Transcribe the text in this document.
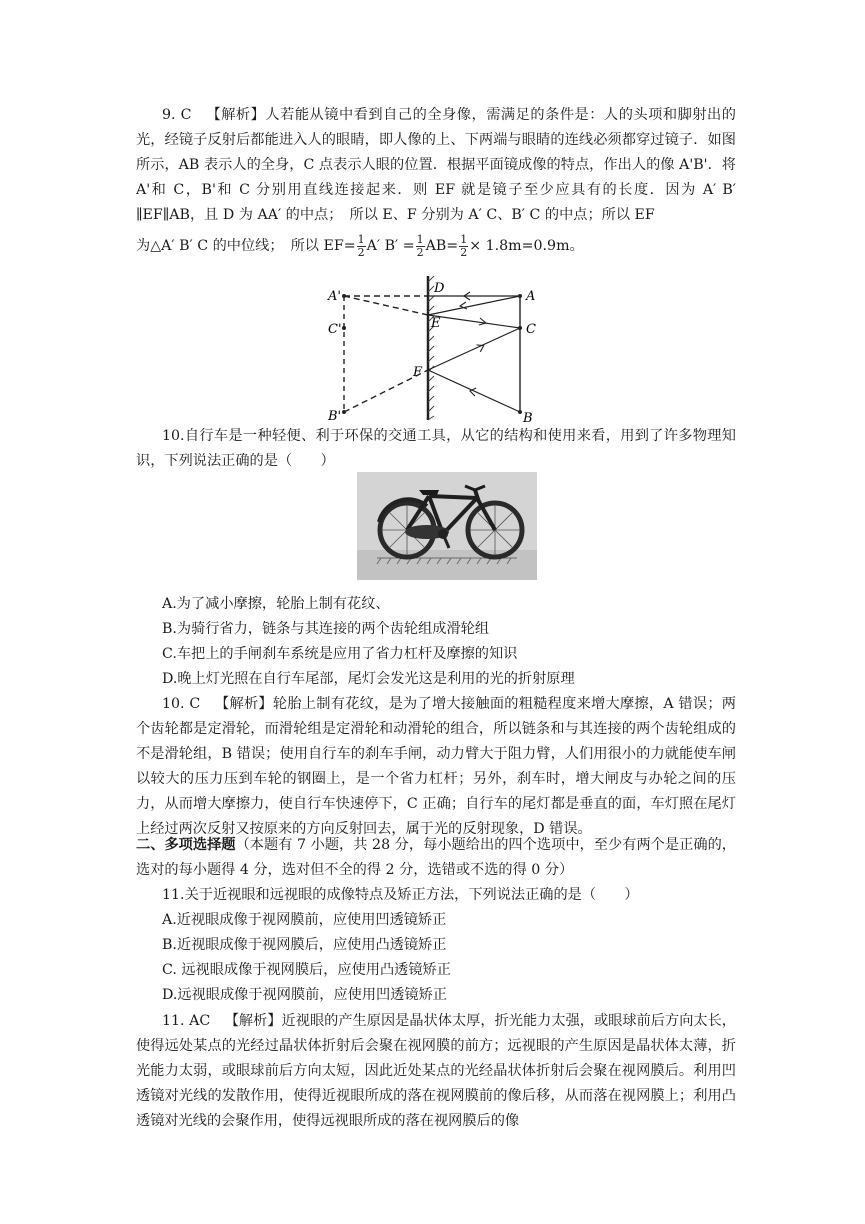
9. C 【解析】人若能从镜中看到自己的全身像，需满足的条件是：人的头项和脚射出的光，经镜子反射后都能进入人的眼睛，即人像的上、下两端与眼睛的连线必须都穿过镜子．如图所示，AB 表示人的全身，C 点表示人眼的位置．根据平面镜成像的特点，作出人的像 A'B'．将 A'和 C，B'和 C 分别用直线连接起来．则 EF 就是镜子至少应具有的长度．因为 A′ B′ ∥EF∥AB，且 D 为 AA′ 的中点；　所以 E、F 分别为 A′ C、B′ C 的中点；所以 EF
为△A′ B′ C 的中位线；　所以 $EF= \frac{1}{2} A'$ $B' = \frac{1}{2} AB= \frac{1}{2} \times 1.8m=0.9m$。
A'
C'
B'
D
E
F
A
C
B
10.自行车是一种轻便、利于环保的交通工具，从它的结构和使用来看，用到了许多物理知识，下列说法正确的是（　　）
A.为了减小摩擦，轮胎上制有花纹、
B.为骑行省力，链条与其连接的两个齿轮组成滑轮组
C.车把上的手闸刹车系统是应用了省力杠杆及摩擦的知识
D.晚上灯光照在自行车尾部，尾灯会发光这是利用的光的折射原理
10. C 【解析】轮胎上制有花纹，是为了增大接触面的粗糙程度来增大摩擦，A 错误；两个齿轮都是定滑轮，而滑轮组是定滑轮和动滑轮的组合，所以链条和与其连接的两个齿轮组成的不是滑轮组，B 错误；使用自行车的刹车手闸，动力臂大于阻力臂，人们用很小的力就能使车闸以较大的压力压到车轮的钢圈上，是一个省力杠杆；另外，刹车时，增大闸皮与办轮之间的压力，从而增大摩擦力，使自行车快速停下，C 正确；自行车的尾灯都是垂直的面，车灯照在尾灯上经过两次反射又按原来的方向反射回去，属于光的反射现象，D 错误。
二、多项选择题（本题有 7 小题，共 28 分，每小题给出的四个选项中，至少有两个是正确的，选对的每小题得 4 分，选对但不全的得 2 分，选错或不选的得 0 分）
11.关于近视眼和远视眼的成像特点及矫正方法，下列说法正确的是（　　）
A.近视眼成像于视网膜前，应使用凹透镜矫正
B.近视眼成像于视网膜后，应使用凸透镜矫正
C. 远视眼成像于视网膜后，应使用凸透镜矫正
D.远视眼成像于视网膜前，应使用凹透镜矫正
11. AC 【解析】近视眼的产生原因是晶状体太厚，折光能力太强，或眼球前后方向太长，使得远处某点的光经过晶状体折射后会聚在视网膜的前方；远视眼的产生原因是晶状体太薄，折光能力太弱，或眼球前后方向太短，因此近处某点的光经晶状体折射后会聚在视网膜后。利用凹透镜对光线的发散作用，使得近视眼所成的落在视网膜前的像后移，从而落在视网膜上；利用凸透镜对光线的会聚作用，使得远视眼所成的落在视网膜后的像
